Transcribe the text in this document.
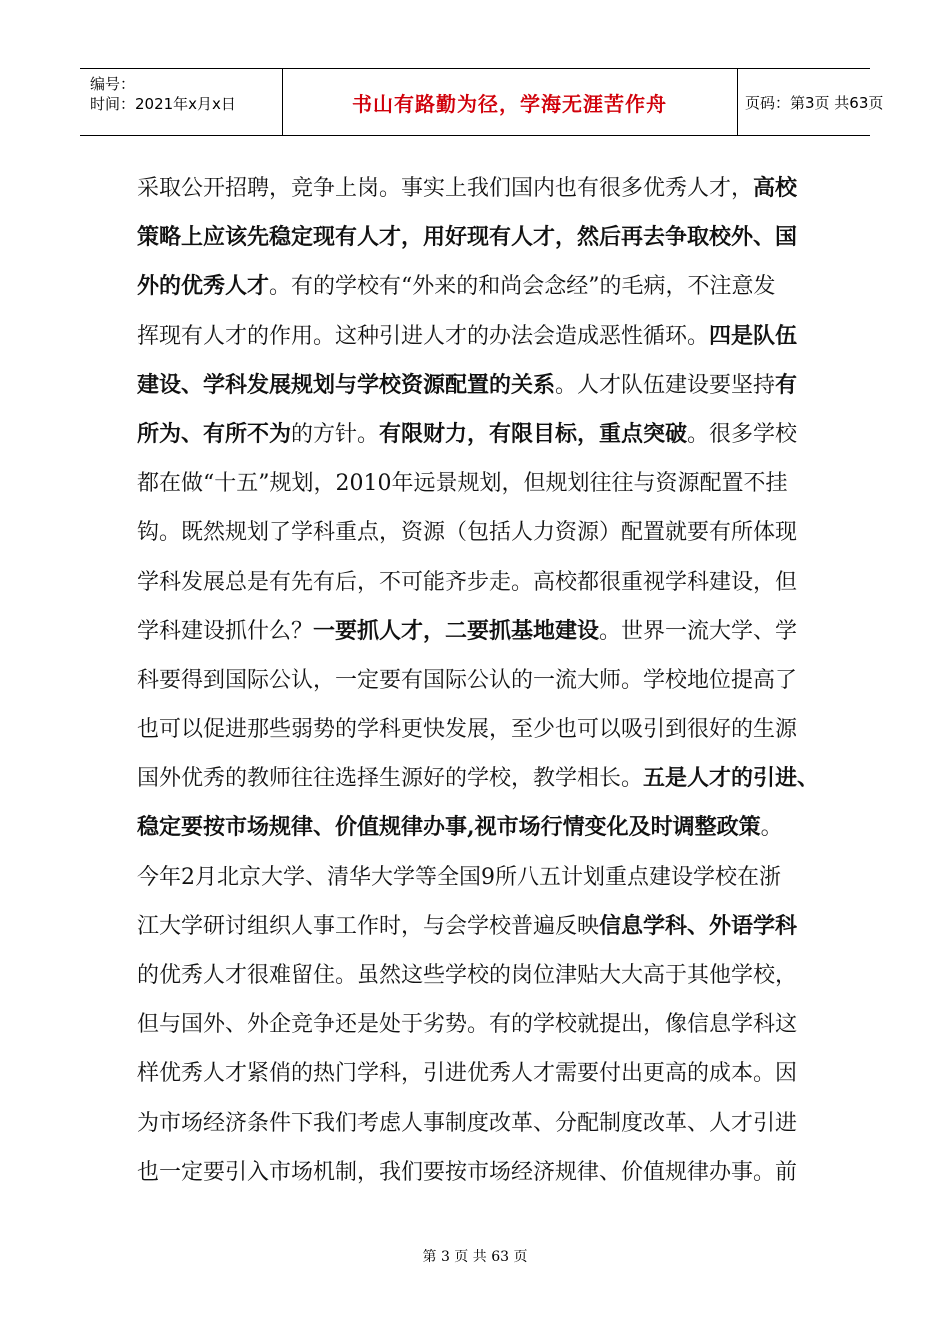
编号：
时间：2021年x月x日	书山有路勤为径，学海无涯苦作舟	页码：第3页 共63页
采取公开招聘，竞争上岗。事实上我们国内也有很多优秀人才，高校
策略上应该先稳定现有人才，用好现有人才，然后再去争取校外、国
外的优秀人才。有的学校有“外来的和尚会念经”的毛病，不注意发
挥现有人才的作用。这种引进人才的办法会造成恶性循环。四是队伍
建设、学科发展规划与学校资源配置的关系。人才队伍建设要坚持有
所为、有所不为的方针。有限财力，有限目标，重点突破。很多学校
都在做“十五”规划，2010年远景规划，但规划往往与资源配置不挂
钩。既然规划了学科重点，资源（包括人力资源）配置就要有所体现
学科发展总是有先有后，不可能齐步走。高校都很重视学科建设，但
学科建设抓什么？一要抓人才，二要抓基地建设。世界一流大学、学
科要得到国际公认，一定要有国际公认的一流大师。学校地位提高了
也可以促进那些弱势的学科更快发展，至少也可以吸引到很好的生源
国外优秀的教师往往选择生源好的学校，教学相长。五是人才的引进、
稳定要按市场规律、价值规律办事,视市场行情变化及时调整政策。
今年2月北京大学、清华大学等全国9所八五计划重点建设学校在浙
江大学研讨组织人事工作时，与会学校普遍反映信息学科、外语学科
的优秀人才很难留住。虽然这些学校的岗位津贴大大高于其他学校，
但与国外、外企竞争还是处于劣势。有的学校就提出，像信息学科这
样优秀人才紧俏的热门学科，引进优秀人才需要付出更高的成本。因
为市场经济条件下我们考虑人事制度改革、分配制度改革、人才引进
也一定要引入市场机制，我们要按市场经济规律、价值规律办事。前
第 3 页 共 63 页
